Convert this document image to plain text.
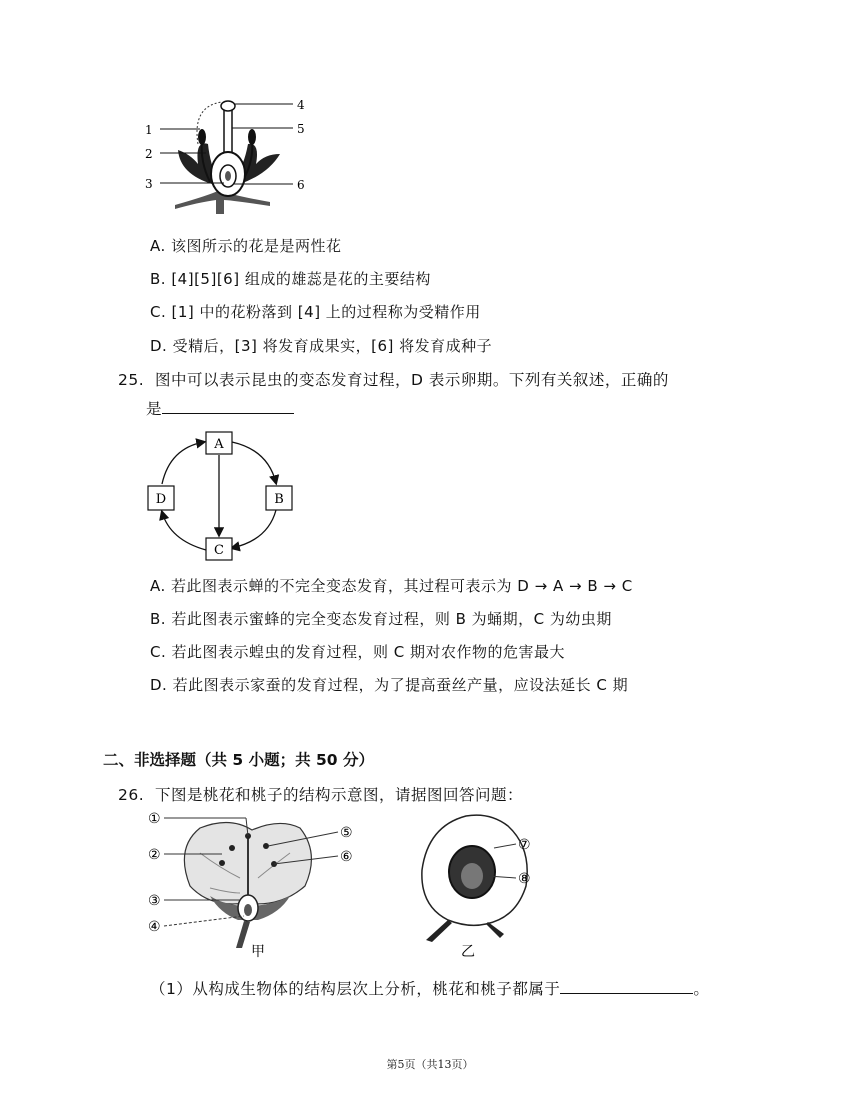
1
2
3
4
5
6
A. 该图所示的花是是两性花
B. [4][5][6] 组成的雄蕊是花的主要结构
C. [1] 中的花粉落到 [4] 上的过程称为受精作用
D. 受精后，[3] 将发育成果实，[6] 将发育成种子
25. 图中可以表示昆虫的变态发育过程，D 表示卵期。下列有关叙述，正确的
是
A
B
C
D
A. 若此图表示蝉的不完全变态发育，其过程可表示为 D → A → B → C
B. 若此图表示蜜蜂的完全变态发育过程，则 B 为蛹期，C 为幼虫期
C. 若此图表示蝗虫的发育过程，则 C 期对农作物的危害最大
D. 若此图表示家蚕的发育过程，为了提高蚕丝产量，应设法延长 C 期
二、非选择题（共 5 小题；共 50 分）
26. 下图是桃花和桃子的结构示意图，请据图回答问题：
①
②
③
④
⑤
⑥
甲
⑦
⑧
乙
（1）从构成生物体的结构层次上分析，桃花和桃子都属于	。
第5页（共13页）
